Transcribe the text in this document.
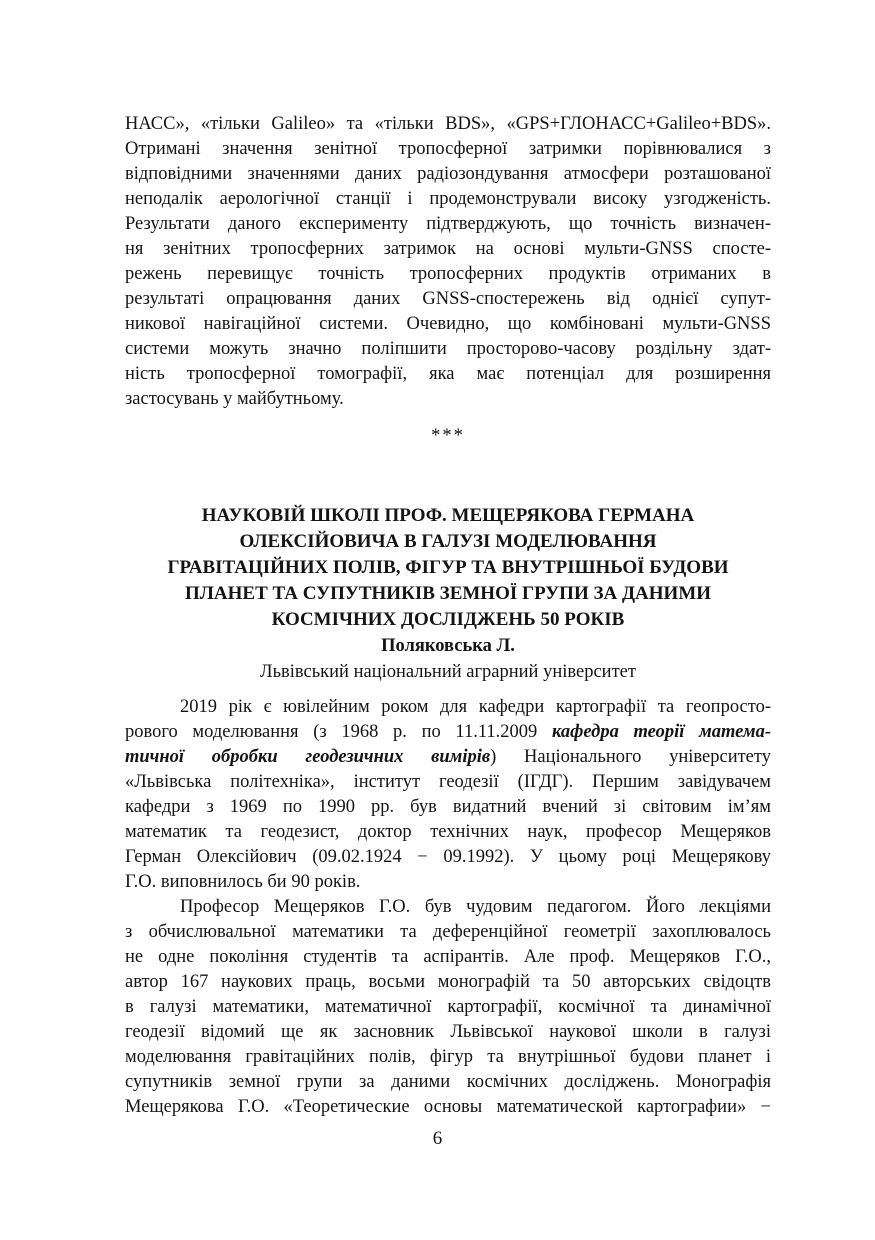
НАСС», «тільки Galileo» та «тільки BDS», «GPS+ГЛОНАСС+Galileo+BDS».
Отримані значення зенітної тропосферної затримки порівнювалися з
відповідними значеннями даних радіозондування атмосфери розташованої
неподалік аерологічної станції і продемонстрували високу узгодженість.
Результати даного експерименту підтверджують, що точність визначен-
ня зенітних тропосферних затримок на основі мульти-GNSS спосте-
режень перевищує точність тропосферних продуктів отриманих в
результаті опрацювання даних GNSS-спостережень від однієї супут-
никової навігаційної системи. Очевидно, що комбіновані мульти-GNSS
системи можуть значно поліпшити просторово-часову роздільну здат-
ність тропосферної томографії, яка має потенціал для розширення
застосувань у майбутньому.
***
НАУКОВІЙ ШКОЛІ ПРОФ. МЕЩЕРЯКОВА ГЕРМАНА
ОЛЕКСІЙОВИЧА В ГАЛУЗІ МОДЕЛЮВАННЯ
ГРАВІТАЦІЙНИХ ПОЛІВ, ФІГУР ТА ВНУТРІШНЬОЇ БУДОВИ
ПЛАНЕТ ТА СУПУТНИКІВ ЗЕМНОЇ ГРУПИ ЗА ДАНИМИ
КОСМІЧНИХ ДОСЛІДЖЕНЬ 50 РОКІВ
Поляковська Л.
Львівський національний аграрний університет
2019 рік є ювілейним роком для кафедри картографії та геопросто-
рового моделювання (з 1968 р. по 11.11.2009 кафедра теорії матема-
тичної обробки геодезичних вимірів) Національного університету
«Львівська політехніка», інститут геодезії (ІГДГ). Першим завідувачем
кафедри з 1969 по 1990 рр. був видатний вчений зі світовим ім’ям
математик та геодезист, доктор технічних наук, професор Мещеряков
Герман Олексійович (09.02.1924 − 09.1992). У цьому році Мещерякову
Г.О. виповнилось би 90 років.
Професор Мещеряков Г.О. був чудовим педагогом. Його лекціями
з обчислювальної математики та деференційної геометрії захоплювалось
не одне покоління студентів та аспірантів. Але проф. Мещеряков Г.О.,
автор 167 наукових праць, восьми монографій та 50 авторських свідоцтв
в галузі математики, математичної картографії, космічної та динамічної
геодезії відомий ще як засновник Львівської наукової школи в галузі
моделювання гравітаційних полів, фігур та внутрішньої будови планет і
супутників земної групи за даними космічних досліджень. Монографія
Мещерякова Г.О. «Теоретические основы математической картографии» −
6
